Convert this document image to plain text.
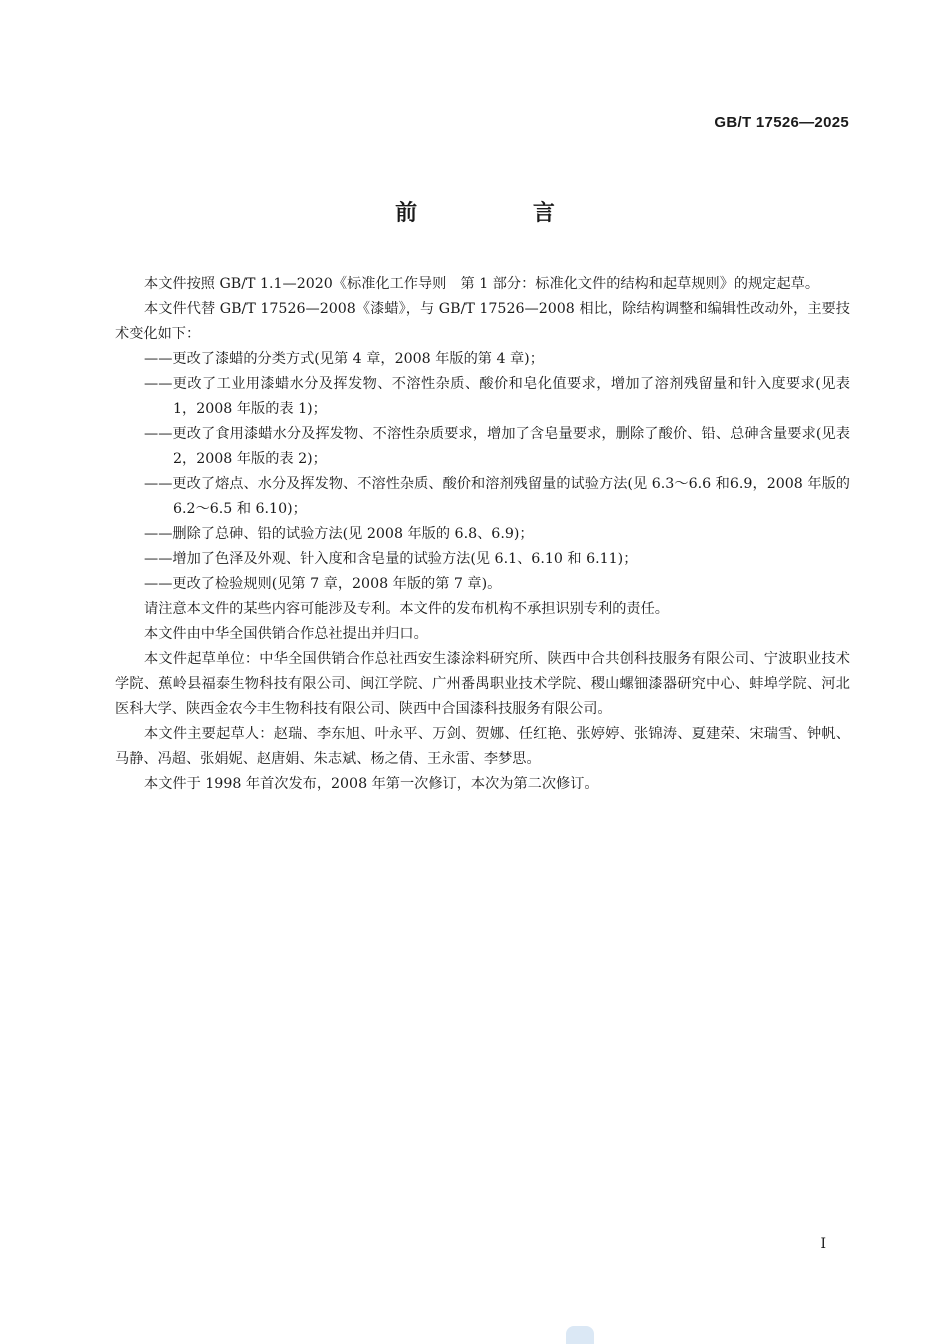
GB/T 17526—2025
前 言

本文件按照 GB/T 1.1—2020《标准化工作导则　第 1 部分：标准化文件的结构和起草规则》的规定起草。

本文件代替 GB/T 17526—2008《漆蜡》，与 GB/T 17526—2008 相比，除结构调整和编辑性改动外，主要技术变化如下：

——更改了漆蜡的分类方式(见第 4 章，2008 年版的第 4 章)；

——更改了工业用漆蜡水分及挥发物、不溶性杂质、酸价和皂化值要求，增加了溶剂残留量和针入度要求(见表 1，2008 年版的表 1)；

——更改了食用漆蜡水分及挥发物、不溶性杂质要求，增加了含皂量要求，删除了酸价、铅、总砷含量要求(见表 2，2008 年版的表 2)；

——更改了熔点、水分及挥发物、不溶性杂质、酸价和溶剂残留量的试验方法(见 6.3～6.6 和6.9，2008 年版的 6.2～6.5 和 6.10)；

——删除了总砷、铅的试验方法(见 2008 年版的 6.8、6.9)；

——增加了色泽及外观、针入度和含皂量的试验方法(见 6.1、6.10 和 6.11)；

——更改了检验规则(见第 7 章，2008 年版的第 7 章)。

请注意本文件的某些内容可能涉及专利。本文件的发布机构不承担识别专利的责任。

本文件由中华全国供销合作总社提出并归口。

本文件起草单位：中华全国供销合作总社西安生漆涂料研究所、陕西中合共创科技服务有限公司、宁波职业技术学院、蕉岭县福泰生物科技有限公司、闽江学院、广州番禺职业技术学院、稷山螺钿漆器研究中心、蚌埠学院、河北医科大学、陕西金农今丰生物科技有限公司、陕西中合国漆科技服务有限公司。

本文件主要起草人：赵瑞、李东旭、叶永平、万剑、贺娜、任红艳、张婷婷、张锦涛、夏建荣、宋瑞雪、钟帆、马静、冯超、张娟妮、赵唐娟、朱志斌、杨之倩、王永雷、李梦思。

本文件于 1998 年首次发布，2008 年第一次修订，本次为第二次修订。

I
